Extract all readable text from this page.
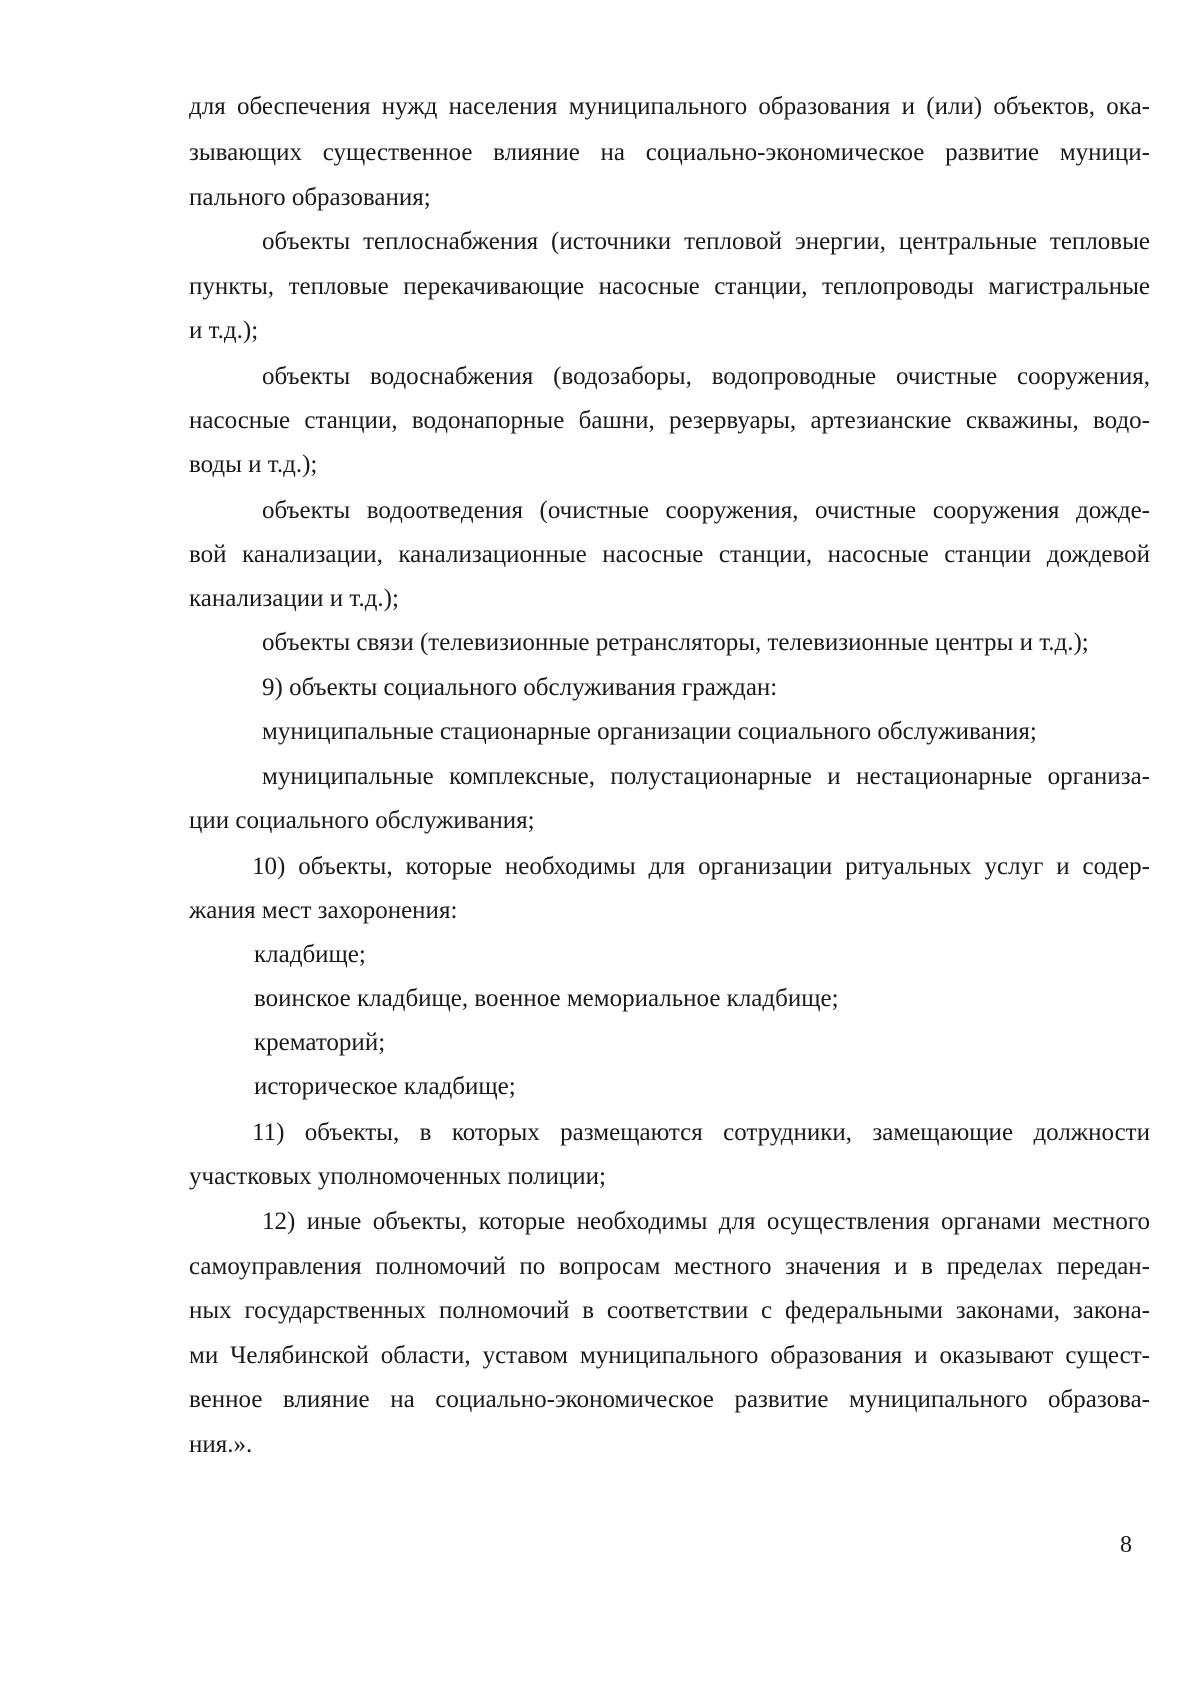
для обеспечения нужд населения муниципального образования и (или) объектов, ока-
зывающих существенное влияние на социально-экономическое развитие муници-
пального образования;
объекты теплоснабжения (источники тепловой энергии, центральные тепловые
пункты, тепловые перекачивающие насосные станции, теплопроводы магистральные
и т.д.);
объекты водоснабжения (водозаборы, водопроводные очистные сооружения,
насосные станции, водонапорные башни, резервуары, артезианские скважины, водо-
воды и т.д.);
объекты водоотведения (очистные сооружения, очистные сооружения дожде-
вой канализации, канализационные насосные станции, насосные станции дождевой
канализации и т.д.);
объекты связи (телевизионные ретрансляторы, телевизионные центры и т.д.);
9) объекты социального обслуживания граждан:
муниципальные стационарные организации социального обслуживания;
муниципальные комплексные, полустационарные и нестационарные организа-
ции социального обслуживания;
10) объекты, которые необходимы для организации ритуальных услуг и содер-
жания мест захоронения:
кладбище;
воинское кладбище, военное мемориальное кладбище;
крематорий;
историческое кладбище;
11) объекты, в которых размещаются сотрудники, замещающие должности
участковых уполномоченных полиции;
12) иные объекты, которые необходимы для осуществления органами местного
самоуправления полномочий по вопросам местного значения и в пределах передан-
ных государственных полномочий в соответствии с федеральными законами, закона-
ми Челябинской области, уставом муниципального образования и оказывают сущест-
венное влияние на социально-экономическое развитие муниципального образова-
ния.».
8
